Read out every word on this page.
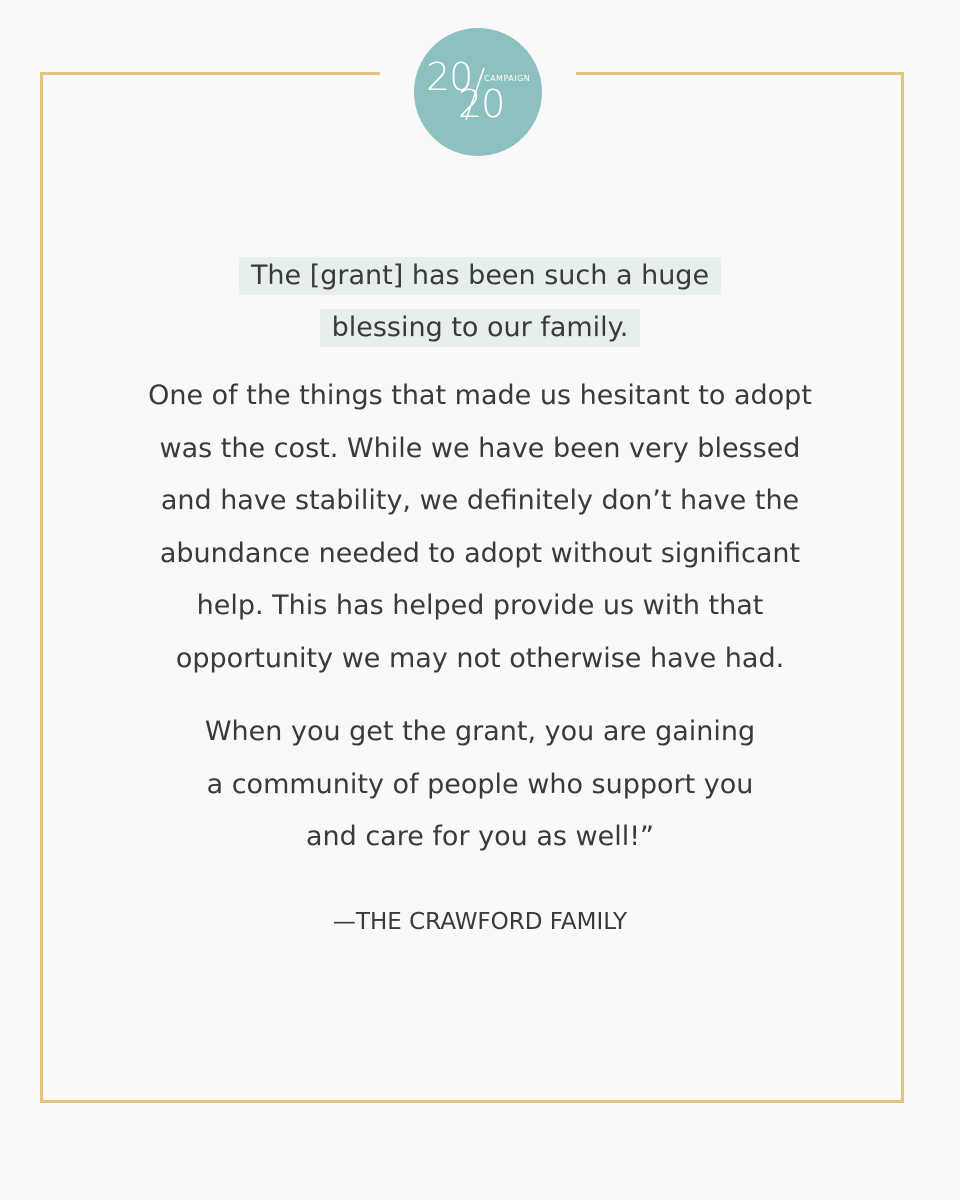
20
20
CAMPAIGN
The [grant] has been such a huge
blessing to our family.
One of the things that made us hesitant to adopt
was the cost. While we have been very blessed
and have stability, we definitely don’t have the
abundance needed to adopt without significant
help. This has helped provide us with that
opportunity we may not otherwise have had.
When you get the grant, you are gaining
a community of people who support you
and care for you as well!”
—THE CRAWFORD FAMILY
